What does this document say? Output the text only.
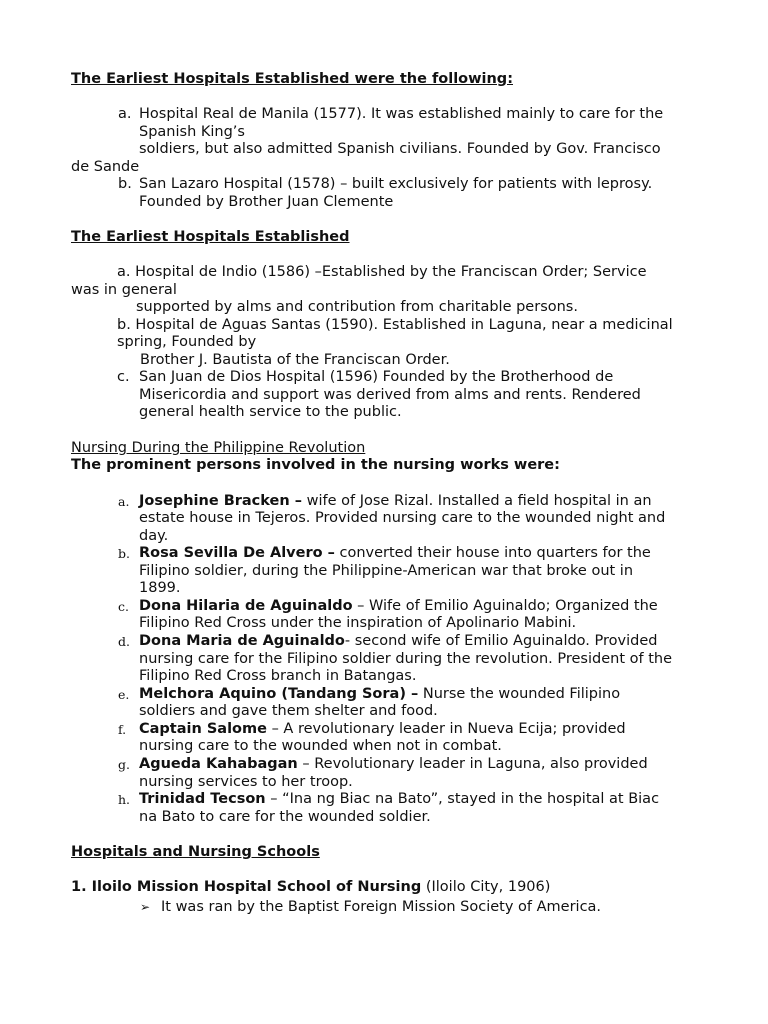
The Earliest Hospitals Established were the following:
a. Hospital Real de Manila (1577). It was established mainly to care for the
Spanish King’s
soldiers, but also admitted Spanish civilians. Founded by Gov. Francisco
de Sande
b. San Lazaro Hospital (1578) – built exclusively for patients with leprosy.
Founded by Brother Juan Clemente
The Earliest Hospitals Established
a. Hospital de Indio (1586) –Established by the Franciscan Order; Service
was in general
supported by alms and contribution from charitable persons.
b. Hospital de Aguas Santas (1590). Established in Laguna, near a medicinal
spring, Founded by
Brother J. Bautista of the Franciscan Order.
c. San Juan de Dios Hospital (1596) Founded by the Brotherhood de
Misericordia and support was derived from alms and rents. Rendered
general health service to the public.
Nursing During the Philippine Revolution
The prominent persons involved in the nursing works were:
a. Josephine Bracken – wife of Jose Rizal. Installed a field hospital in an
estate house in Tejeros. Provided nursing care to the wounded night and
day.
b. Rosa Sevilla De Alvero – converted their house into quarters for the
Filipino soldier, during the Philippine-American war that broke out in
1899.
c. Dona Hilaria de Aguinaldo – Wife of Emilio Aguinaldo; Organized the
Filipino Red Cross under the inspiration of Apolinario Mabini.
d. Dona Maria de Aguinaldo- second wife of Emilio Aguinaldo. Provided
nursing care for the Filipino soldier during the revolution. President of the
Filipino Red Cross branch in Batangas.
e. Melchora Aquino (Tandang Sora) – Nurse the wounded Filipino
soldiers and gave them shelter and food.
f. Captain Salome – A revolutionary leader in Nueva Ecija; provided
nursing care to the wounded when not in combat.
g. Agueda Kahabagan – Revolutionary leader in Laguna, also provided
nursing services to her troop.
h. Trinidad Tecson – “Ina ng Biac na Bato”, stayed in the hospital at Biac
na Bato to care for the wounded soldier.
Hospitals and Nursing Schools
1. Iloilo Mission Hospital School of Nursing (Iloilo City, 1906)
➢ It was ran by the Baptist Foreign Mission Society of America.
